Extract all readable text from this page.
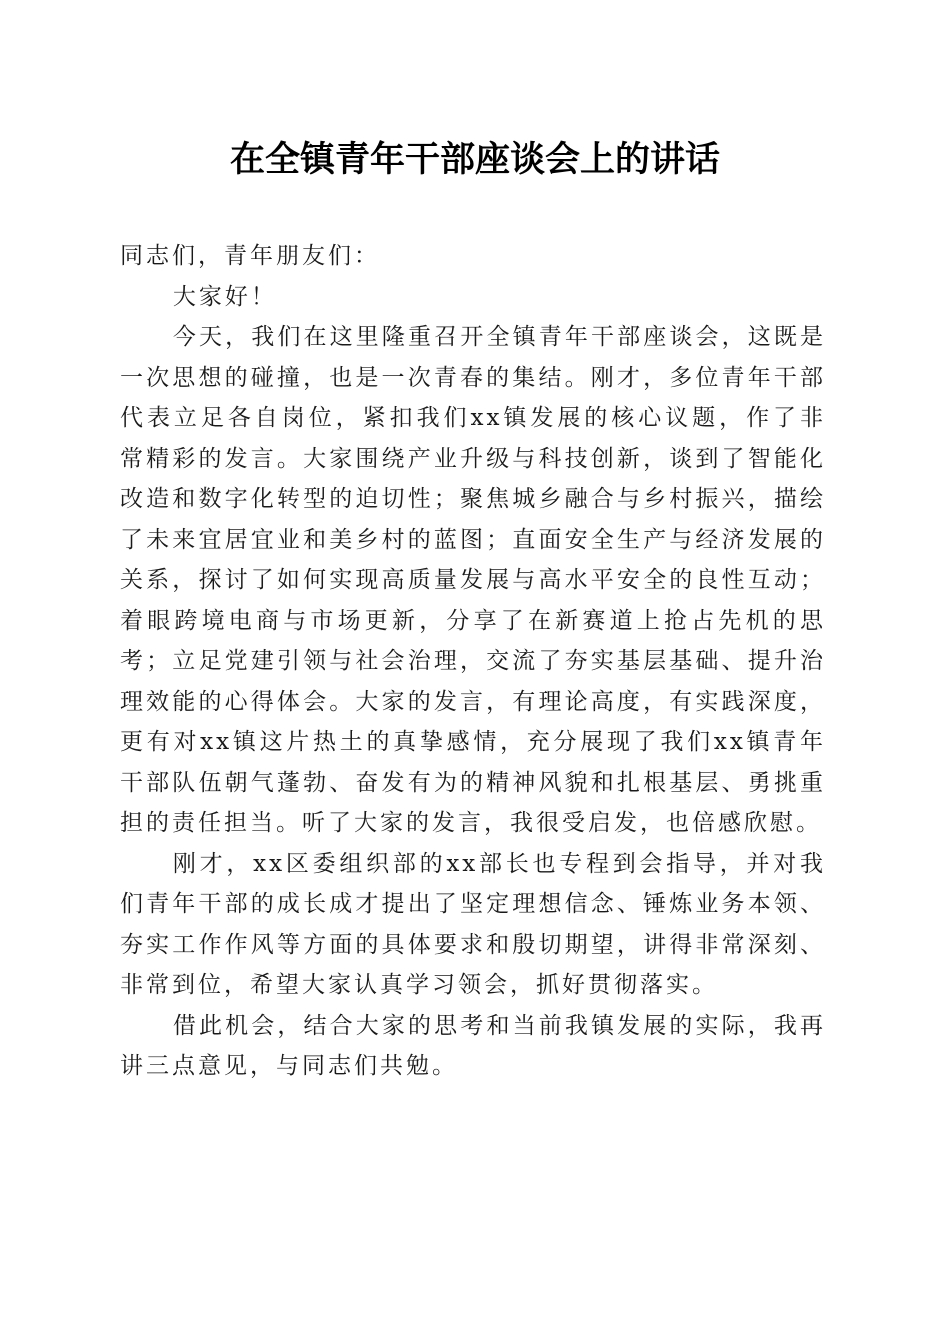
在全镇青年干部座谈会上的讲话

同志们，青年朋友们：

大家好！

今天，我们在这里隆重召开全镇青年干部座谈会，这既是一次思想的碰撞，也是一次青春的集结。刚才，多位青年干部代表立足各自岗位，紧扣我们xx镇发展的核心议题，作了非常精彩的发言。大家围绕产业升级与科技创新，谈到了智能化改造和数字化转型的迫切性；聚焦城乡融合与乡村振兴，描绘了未来宜居宜业和美乡村的蓝图；直面安全生产与经济发展的关系，探讨了如何实现高质量发展与高水平安全的良性互动；着眼跨境电商与市场更新，分享了在新赛道上抢占先机的思考；立足党建引领与社会治理，交流了夯实基层基础、提升治理效能的心得体会。大家的发言，有理论高度，有实践深度，更有对xx镇这片热土的真挚感情，充分展现了我们xx镇青年干部队伍朝气蓬勃、奋发有为的精神风貌和扎根基层、勇挑重担的责任担当。听了大家的发言，我很受启发，也倍感欣慰。

刚才，xx区委组织部的xx部长也专程到会指导，并对我们青年干部的成长成才提出了坚定理想信念、锤炼业务本领、夯实工作作风等方面的具体要求和殷切期望，讲得非常深刻、非常到位，希望大家认真学习领会，抓好贯彻落实。

借此机会，结合大家的思考和当前我镇发展的实际，我再讲三点意见，与同志们共勉。
